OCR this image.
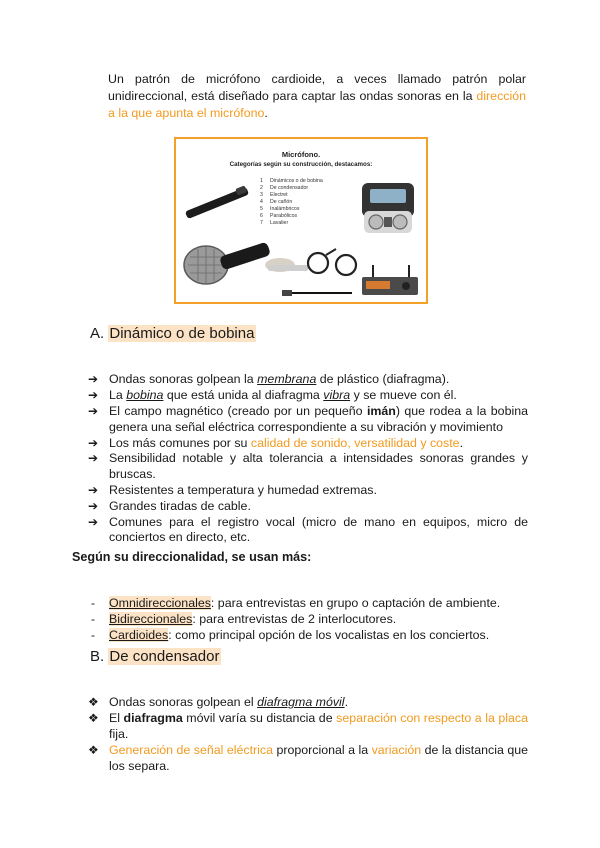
Un patrón de micrófono cardioide, a veces llamado patrón polar unidireccional, está diseñado para captar las ondas sonoras en la dirección a la que apunta el micrófono.

Micrófono.
Categorías según su construcción, destacamos:
1 Dinámicos o de bobina
2 De condensador
3 Electret
4 De cañón
5 Inalámbricos
6 Parabólicos
7 Lavalier
A. Dinámico o de bobina
➔ Ondas sonoras golpean la membrana de plástico (diafragma).
➔ La bobina que está unida al diafragma vibra y se mueve con él.
➔ El campo magnético (creado por un pequeño imán) que rodea a la bobina genera una señal eléctrica correspondiente a su vibración y movimiento
➔ Los más comunes por su calidad de sonido, versatilidad y coste.
➔ Sensibilidad notable y alta tolerancia a intensidades sonoras grandes y bruscas.
➔ Resistentes a temperatura y humedad extremas.
➔ Grandes tiradas de cable.
➔ Comunes para el registro vocal (micro de mano en equipos, micro de conciertos en directo, etc.
Según su direccionalidad, se usan más:
- Omnidireccionales: para entrevistas en grupo o captación de ambiente.
- Bidireccionales: para entrevistas de 2 interlocutores.
- Cardioides: como principal opción de los vocalistas en los conciertos.
B. De condensador
❖ Ondas sonoras golpean el diafragma móvil.
❖ El diafragma móvil varía su distancia de separación con respecto a la placa fija.
❖ Generación de señal eléctrica proporcional a la variación de la distancia que los separa.
